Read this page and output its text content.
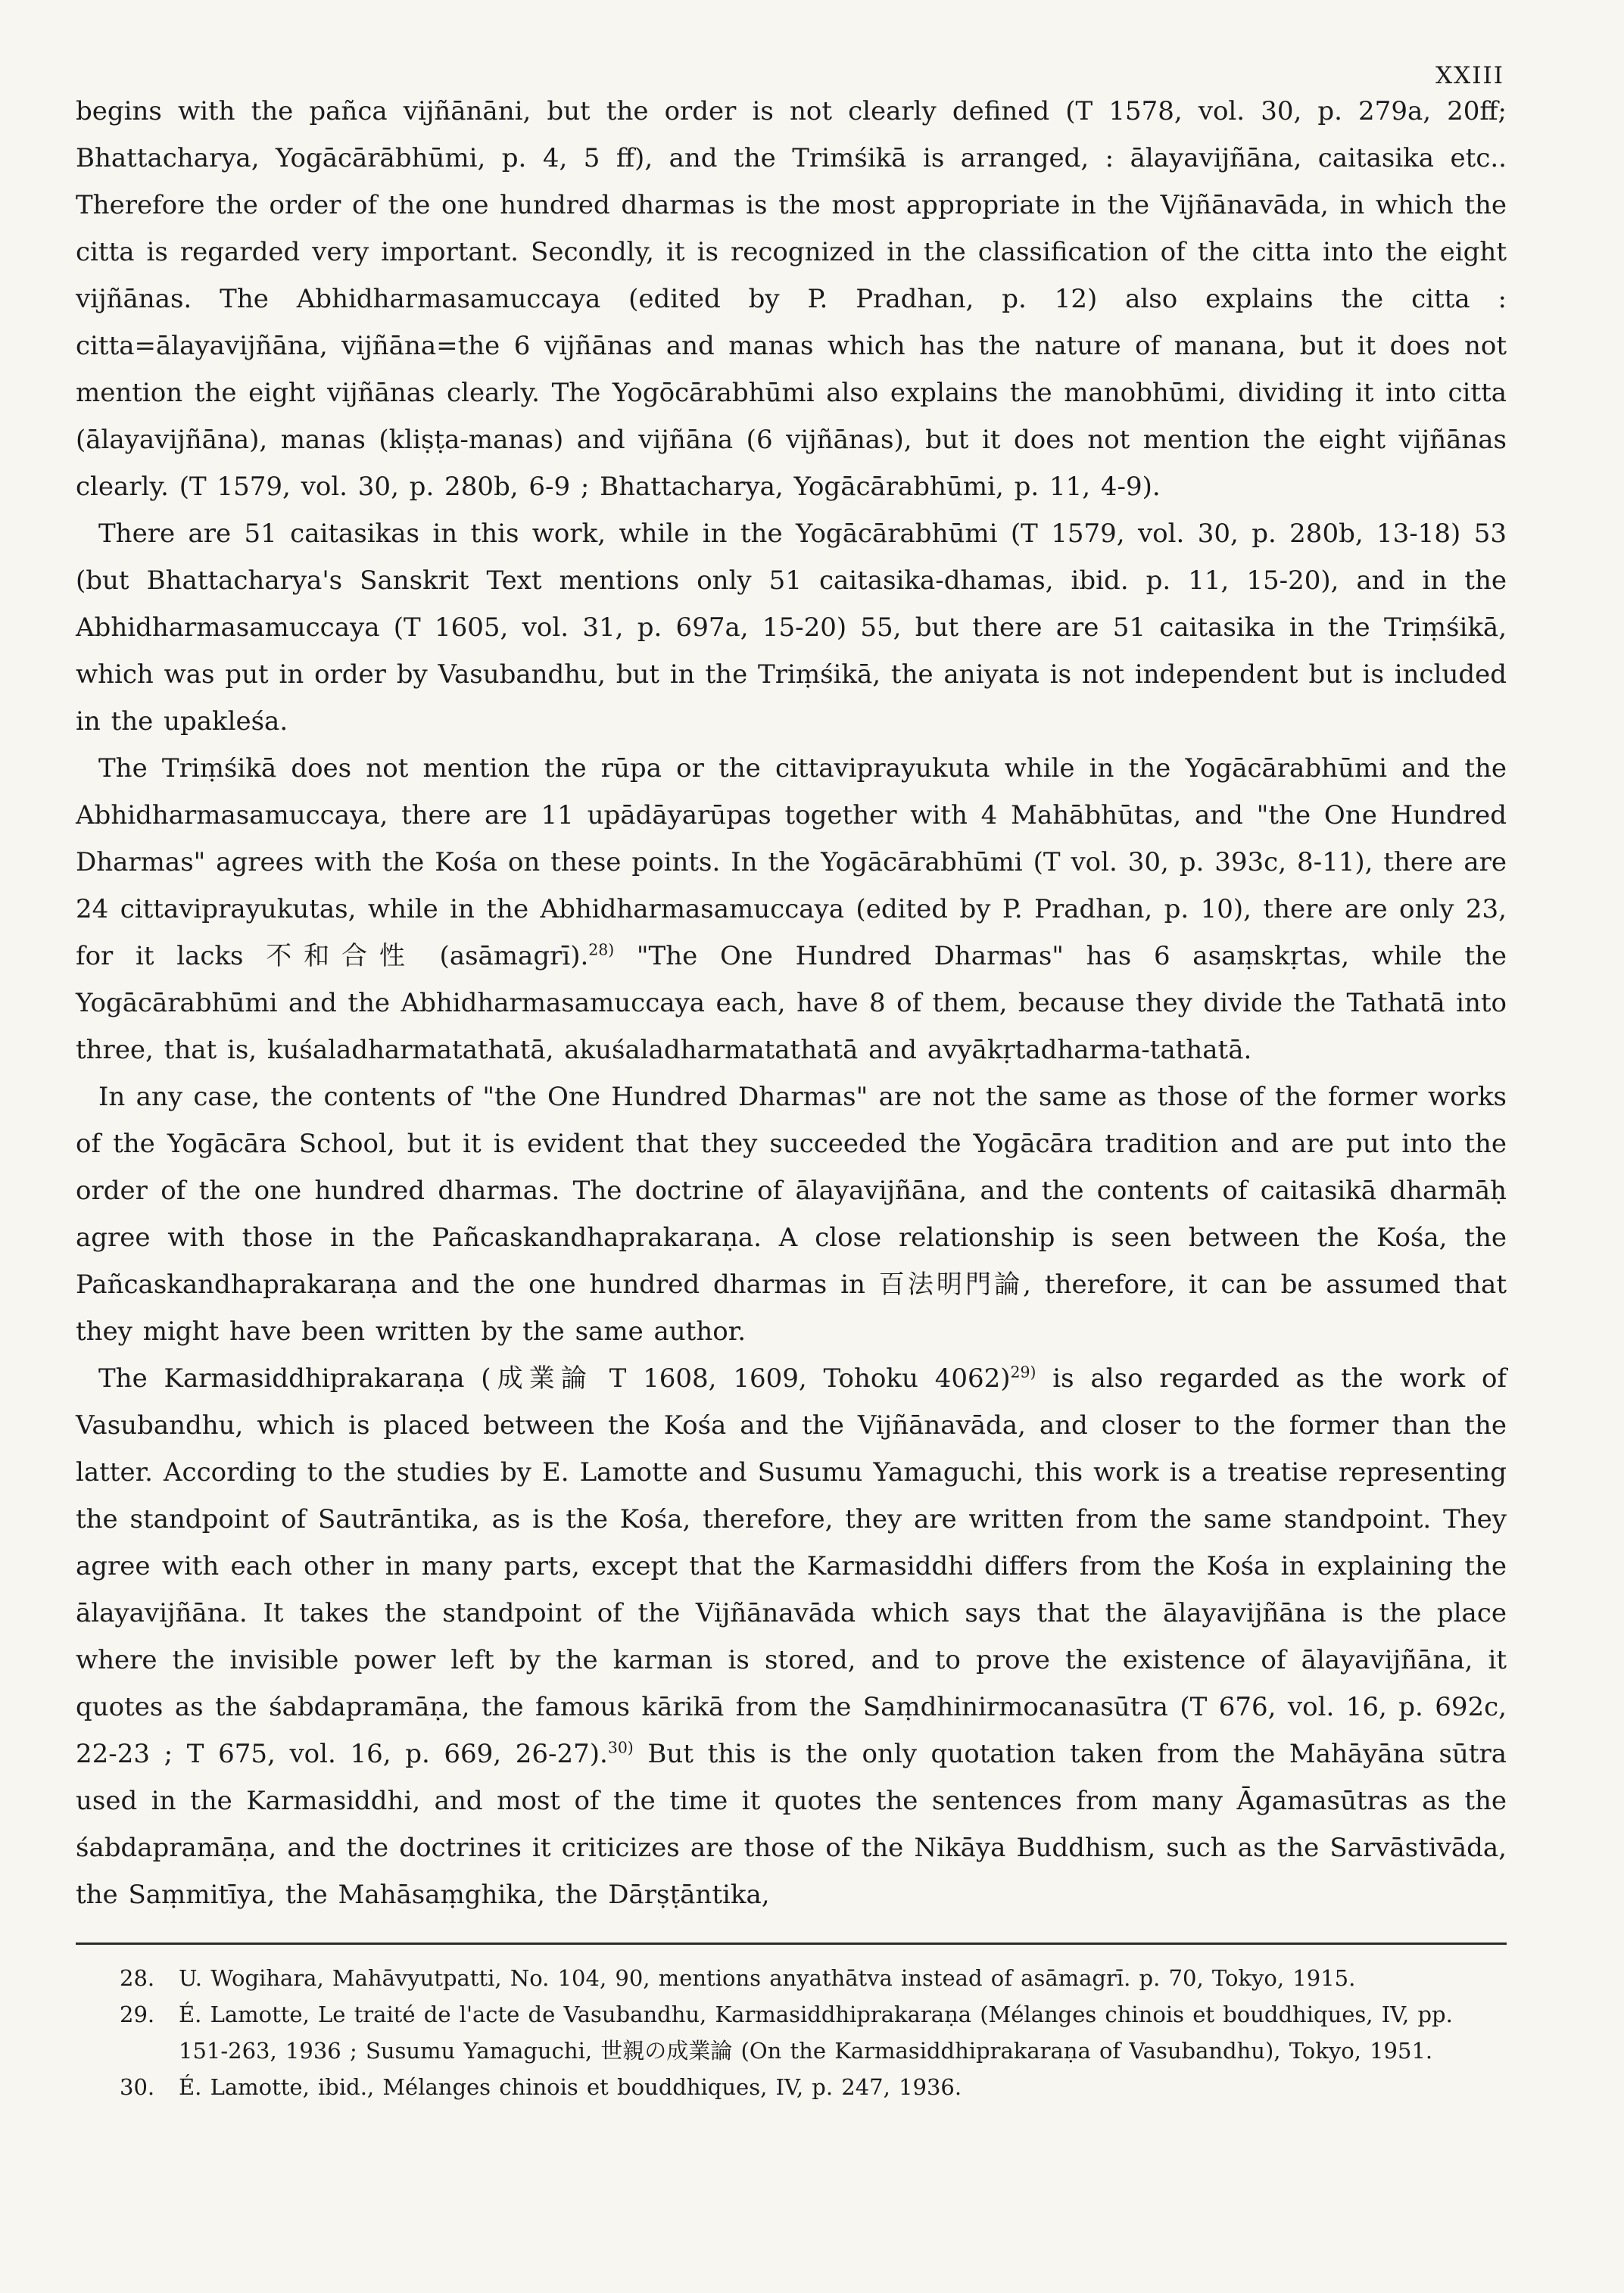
XXIII

begins with the pañca vijñānāni, but the order is not clearly defined (T 1578, vol. 30, p. 279a, 20ff; Bhattacharya, Yogācārābhūmi, p. 4, 5 ff), and the Trimśikā is arranged, : ālayavijñāna, caitasika etc.. Therefore the order of the one hundred dharmas is the most appropriate in the Vijñānavāda, in which the citta is regarded very important. Secondly, it is recognized in the classification of the citta into the eight vijñānas. The Abhidharmasamuccaya (edited by P. Pradhan, p. 12) also explains the citta : citta=ālayavijñāna, vijñāna=the 6 vijñānas and manas which has the nature of manana, but it does not mention the eight vijñānas clearly. The Yogōcārabhūmi also explains the manobhūmi, dividing it into citta (ālayavijñāna), manas (kliṣṭa-manas) and vijñāna (6 vijñānas), but it does not mention the eight vijñānas clearly. (T 1579, vol. 30, p. 280b, 6-9 ; Bhattacharya, Yogācārabhūmi, p. 11, 4-9).

There are 51 caitasikas in this work, while in the Yogācārabhūmi (T 1579, vol. 30, p. 280b, 13-18) 53 (but Bhattacharya's Sanskrit Text mentions only 51 caitasika-dhamas, ibid. p. 11, 15-20), and in the Abhidharmasamuccaya (T 1605, vol. 31, p. 697a, 15-20) 55, but there are 51 caitasika in the Triṃśikā, which was put in order by Vasubandhu, but in the Triṃśikā, the aniyata is not independent but is included in the upakleśa.

The Triṃśikā does not mention the rūpa or the cittaviprayukuta while in the Yogācārabhūmi and the Abhidharmasamuccaya, there are 11 upādāyarūpas together with 4 Mahābhūtas, and "the One Hundred Dharmas" agrees with the Kośa on these points. In the Yogācārabhūmi (T vol. 30, p. 393c, 8-11), there are 24 cittaviprayukutas, while in the Abhidharmasamuccaya (edited by P. Pradhan, p. 10), there are only 23, for it lacks 不和合性 (asāmagrī).$^{28)}$ "The One Hundred Dharmas" has 6 asaṃskṛtas, while the Yogācārabhūmi and the Abhidharmasamuccaya each, have 8 of them, because they divide the Tathatā into three, that is, kuśaladharmatathatā, akuśaladharmatathatā and avyākṛtadharma-tathatā.

In any case, the contents of "the One Hundred Dharmas" are not the same as those of the former works of the Yogācāra School, but it is evident that they succeeded the Yogācāra tradition and are put into the order of the one hundred dharmas. The doctrine of ālayavijñāna, and the contents of caitasikā dharmāḥ agree with those in the Pañcaskandhaprakaraṇa. A close relationship is seen between the Kośa, the Pañcaskandhaprakaraṇa and the one hundred dharmas in 百法明門論, therefore, it can be assumed that they might have been written by the same author.

The Karmasiddhiprakaraṇa (成業論 T 1608, 1609, Tohoku 4062)$^{29)}$ is also regarded as the work of Vasubandhu, which is placed between the Kośa and the Vijñānavāda, and closer to the former than the latter. According to the studies by E. Lamotte and Susumu Yamaguchi, this work is a treatise representing the standpoint of Sautrāntika, as is the Kośa, therefore, they are written from the same standpoint. They agree with each other in many parts, except that the Karmasiddhi differs from the Kośa in explaining the ālayavijñāna. It takes the standpoint of the Vijñānavāda which says that the ālayavijñāna is the place where the invisible power left by the karman is stored, and to prove the existence of ālayavijñāna, it quotes as the śabdapramāṇa, the famous kārikā from the Saṃdhinirmocanasūtra (T 676, vol. 16, p. 692c, 22-23 ; T 675, vol. 16, p. 669, 26-27).$^{30)}$ But this is the only quotation taken from the Mahāyāna sūtra used in the Karmasiddhi, and most of the time it quotes the sentences from many Āgamasūtras as the śabdapramāṇa, and the doctrines it criticizes are those of the Nikāya Buddhism, such as the Sarvāstivāda, the Saṃmitīya, the Mahāsaṃghika, the Dārṣṭāntika,

28.	U. Wogihara, Mahāvyutpatti, No. 104, 90, mentions anyathātva instead of asāmagrī. p. 70, Tokyo, 1915.
29.	É. Lamotte, Le traité de l'acte de Vasubandhu, Karmasiddhiprakaraṇa (Mélanges chinois et bouddhiques, IV, pp. 151-263, 1936 ; Susumu Yamaguchi, 世親の成業論 (On the Karmasiddhiprakaraṇa of Vasubandhu), Tokyo, 1951.
30.	É. Lamotte, ibid., Mélanges chinois et bouddhiques, IV, p. 247, 1936.
